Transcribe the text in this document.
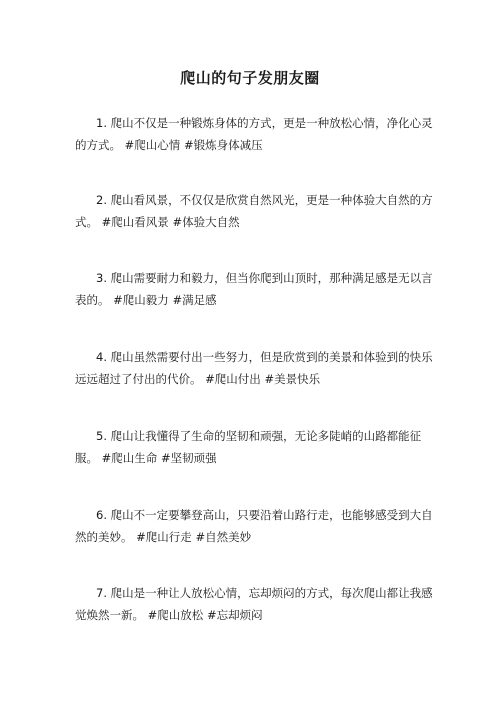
爬山的句子发朋友圈
1. 爬山不仅是一种锻炼身体的方式，更是一种放松心情，净化心灵的方式。 #爬山心情 #锻炼身体减压
2. 爬山看风景，不仅仅是欣赏自然风光，更是一种体验大自然的方式。 #爬山看风景 #体验大自然
3. 爬山需要耐力和毅力，但当你爬到山顶时，那种满足感是无以言表的。 #爬山毅力 #满足感
4. 爬山虽然需要付出一些努力，但是欣赏到的美景和体验到的快乐远远超过了付出的代价。 #爬山付出 #美景快乐
5. 爬山让我懂得了生命的坚韧和顽强，无论多陡峭的山路都能征服。 #爬山生命 #坚韧顽强
6. 爬山不一定要攀登高山，只要沿着山路行走，也能够感受到大自然的美妙。 #爬山行走 #自然美妙
7. 爬山是一种让人放松心情，忘却烦闷的方式，每次爬山都让我感觉焕然一新。 #爬山放松 #忘却烦闷
